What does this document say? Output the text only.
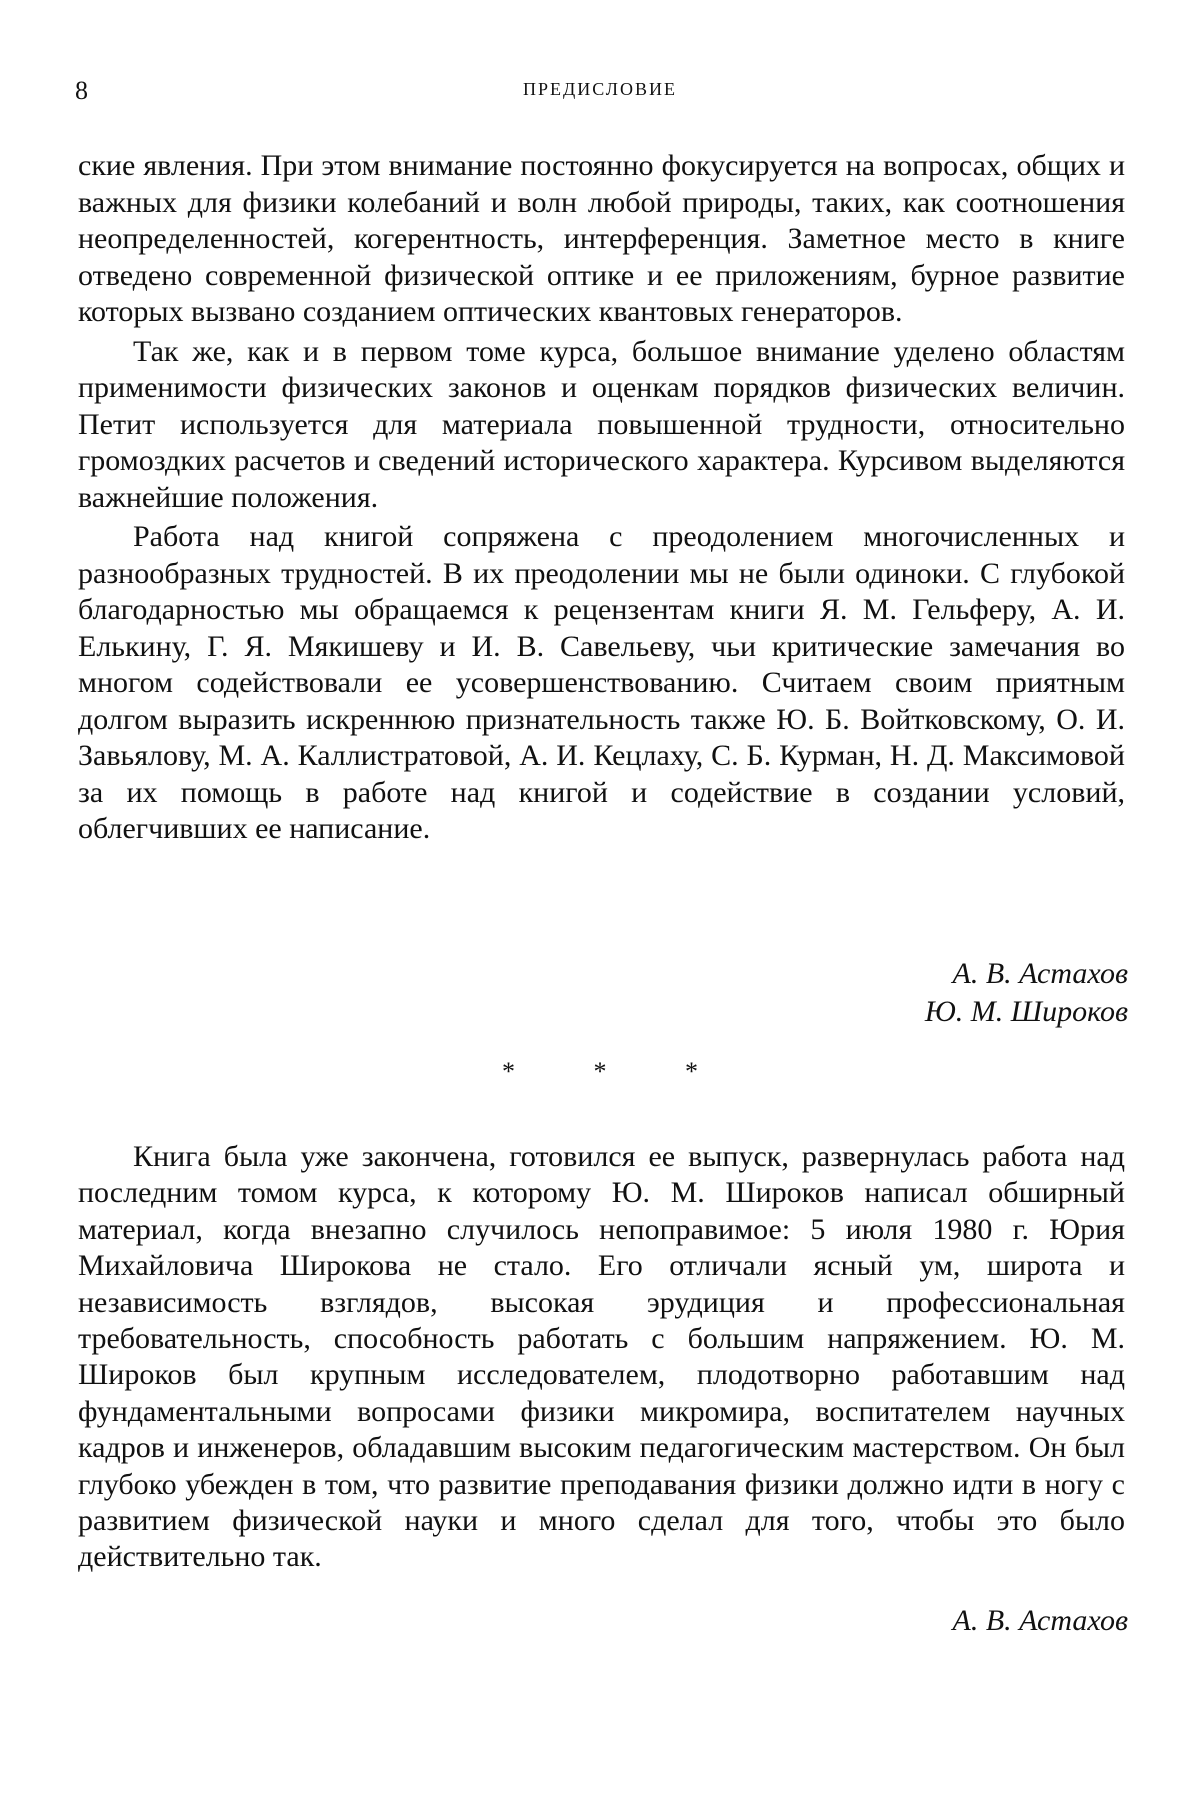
8	ПРЕДИСЛОВИЕ

ские явления. При этом внимание постоянно фокусируется на вопросах, общих и важных для физики колебаний и волн любой природы, таких, как соотношения неопределенностей, когерентность, интерференция. Заметное место в книге отведено современной физической оптике и ее приложениям, бурное развитие которых вызвано созданием оптических квантовых генераторов.

Так же, как и в первом томе курса, большое внимание уделено областям применимости физических законов и оценкам порядков физических величин. Петит используется для материала повышенной трудности, относительно громоздких расчетов и сведений исторического характера. Курсивом выделяются важнейшие положения.

Работа над книгой сопряжена с преодолением многочисленных и разнообразных трудностей. В их преодолении мы не были одиноки. С глубокой благодарностью мы обращаемся к рецензентам книги Я. М. Гельферу, А. И. Елькину, Г. Я. Мякишеву и И. В. Савельеву, чьи критические замечания во многом содействовали ее усовершенствованию. Считаем своим приятным долгом выразить искреннюю признательность также Ю. Б. Войтковскому, О. И. Завьялову, М. А. Каллистратовой, А. И. Кецлаху, С. Б. Курман, Н. Д. Максимовой за их помощь в работе над книгой и содействие в создании условий, облегчивших ее написание.

А. В. Астахов
Ю. М. Широков
* * *

Книга была уже закончена, готовился ее выпуск, развернулась работа над последним томом курса, к которому Ю. М. Широков написал обширный материал, когда внезапно случилось непоправимое: 5 июля 1980 г. Юрия Михайловича Широкова не стало. Его отличали ясный ум, широта и независимость взглядов, высокая эрудиция и профессиональная требовательность, способность работать с большим напряжением. Ю. М. Широков был крупным исследователем, плодотворно работавшим над фундаментальными вопросами физики микромира, воспитателем научных кадров и инженеров, обладавшим высоким педагогическим мастерством. Он был глубоко убежден в том, что развитие преподавания физики должно идти в ногу с развитием физической науки и много сделал для того, чтобы это было действительно так.

А. В. Астахов
